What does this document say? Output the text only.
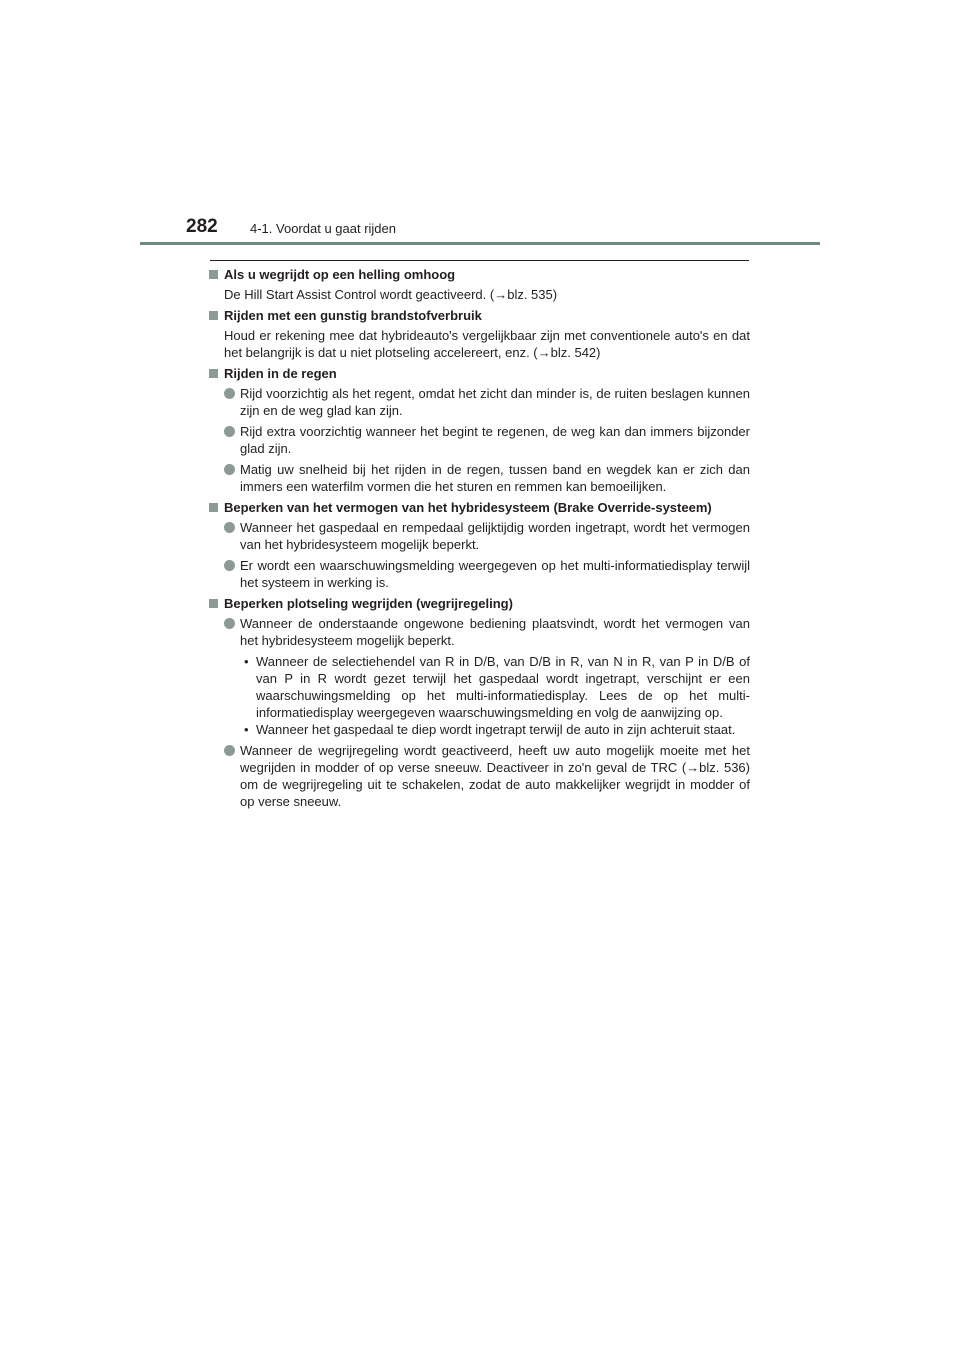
282 4-1. Voordat u gaat rijden
Als u wegrijdt op een helling omhoog

De Hill Start Assist Control wordt geactiveerd. (→blz. 535)

Rijden met een gunstig brandstofverbruik

Houd er rekening mee dat hybrideauto's vergelijkbaar zijn met conventionele auto's en dat het belangrijk is dat u niet plotseling accelereert, enz. (→blz. 542)

Rijden in de regen
Rijd voorzichtig als het regent, omdat het zicht dan minder is, de ruiten beslagen kunnen zijn en de weg glad kan zijn.
Rijd extra voorzichtig wanneer het begint te regenen, de weg kan dan immers bijzonder glad zijn.
Matig uw snelheid bij het rijden in de regen, tussen band en wegdek kan er zich dan immers een waterfilm vormen die het sturen en remmen kan bemoeilijken.
Beperken van het vermogen van het hybridesysteem (Brake Override-systeem)
Wanneer het gaspedaal en rempedaal gelijktijdig worden ingetrapt, wordt het vermogen van het hybridesysteem mogelijk beperkt.
Er wordt een waarschuwingsmelding weergegeven op het multi-informatiedisplay terwijl het systeem in werking is.
Beperken plotseling wegrijden (wegrijregeling)
Wanneer de onderstaande ongewone bediening plaatsvindt, wordt het vermogen van het hybridesysteem mogelijk beperkt.
• Wanneer de selectiehendel van R in D/B, van D/B in R, van N in R, van P in D/B of van P in R wordt gezet terwijl het gaspedaal wordt ingetrapt, verschijnt er een waarschuwingsmelding op het multi-informatiedisplay. Lees de op het multi-informatiedisplay weergegeven waarschuwingsmelding en volg de aanwijzing op.
• Wanneer het gaspedaal te diep wordt ingetrapt terwijl de auto in zijn achteruit staat.
Wanneer de wegrijregeling wordt geactiveerd, heeft uw auto mogelijk moeite met het wegrijden in modder of op verse sneeuw. Deactiveer in zo'n geval de TRC (→blz. 536) om de wegrijregeling uit te schakelen, zodat de auto makkelijker wegrijdt in modder of op verse sneeuw.
